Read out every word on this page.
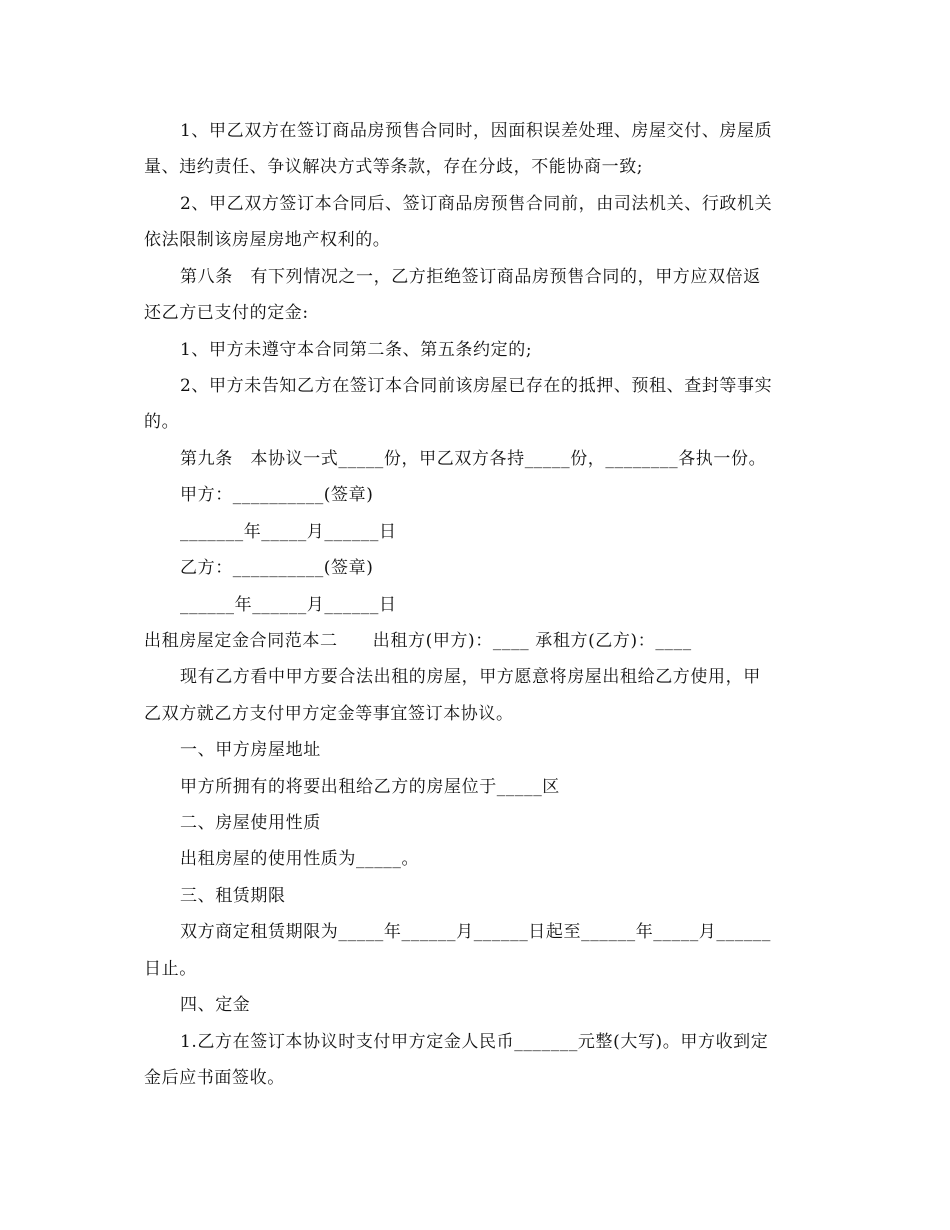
1、甲乙双方在签订商品房预售合同时，因面积误差处理、房屋交付、房屋质
量、违约责任、争议解决方式等条款，存在分歧，不能协商一致;
2、甲乙双方签订本合同后、签订商品房预售合同前，由司法机关、行政机关
依法限制该房屋房地产权利的。
第八条　有下列情况之一，乙方拒绝签订商品房预售合同的，甲方应双倍返
还乙方已支付的定金:
1、甲方未遵守本合同第二条、第五条约定的;
2、甲方未告知乙方在签订本合同前该房屋已存在的抵押、预租、查封等事实
的。
第九条　本协议一式_____份，甲乙双方各持_____份，________各执一份。
甲方：__________(签章)
_______年_____月______日
乙方：__________(签章)
______年______月______日
出租房屋定金合同范本二　　出租方(甲方)：____ 承租方(乙方)：____
现有乙方看中甲方要合法出租的房屋，甲方愿意将房屋出租给乙方使用，甲
乙双方就乙方支付甲方定金等事宜签订本协议。
一、甲方房屋地址
甲方所拥有的将要出租给乙方的房屋位于_____区
二、房屋使用性质
出租房屋的使用性质为_____。
三、租赁期限
双方商定租赁期限为_____年______月______日起至______年_____月______
日止。
四、定金
1.乙方在签订本协议时支付甲方定金人民币_______元整(大写)。甲方收到定
金后应书面签收。
